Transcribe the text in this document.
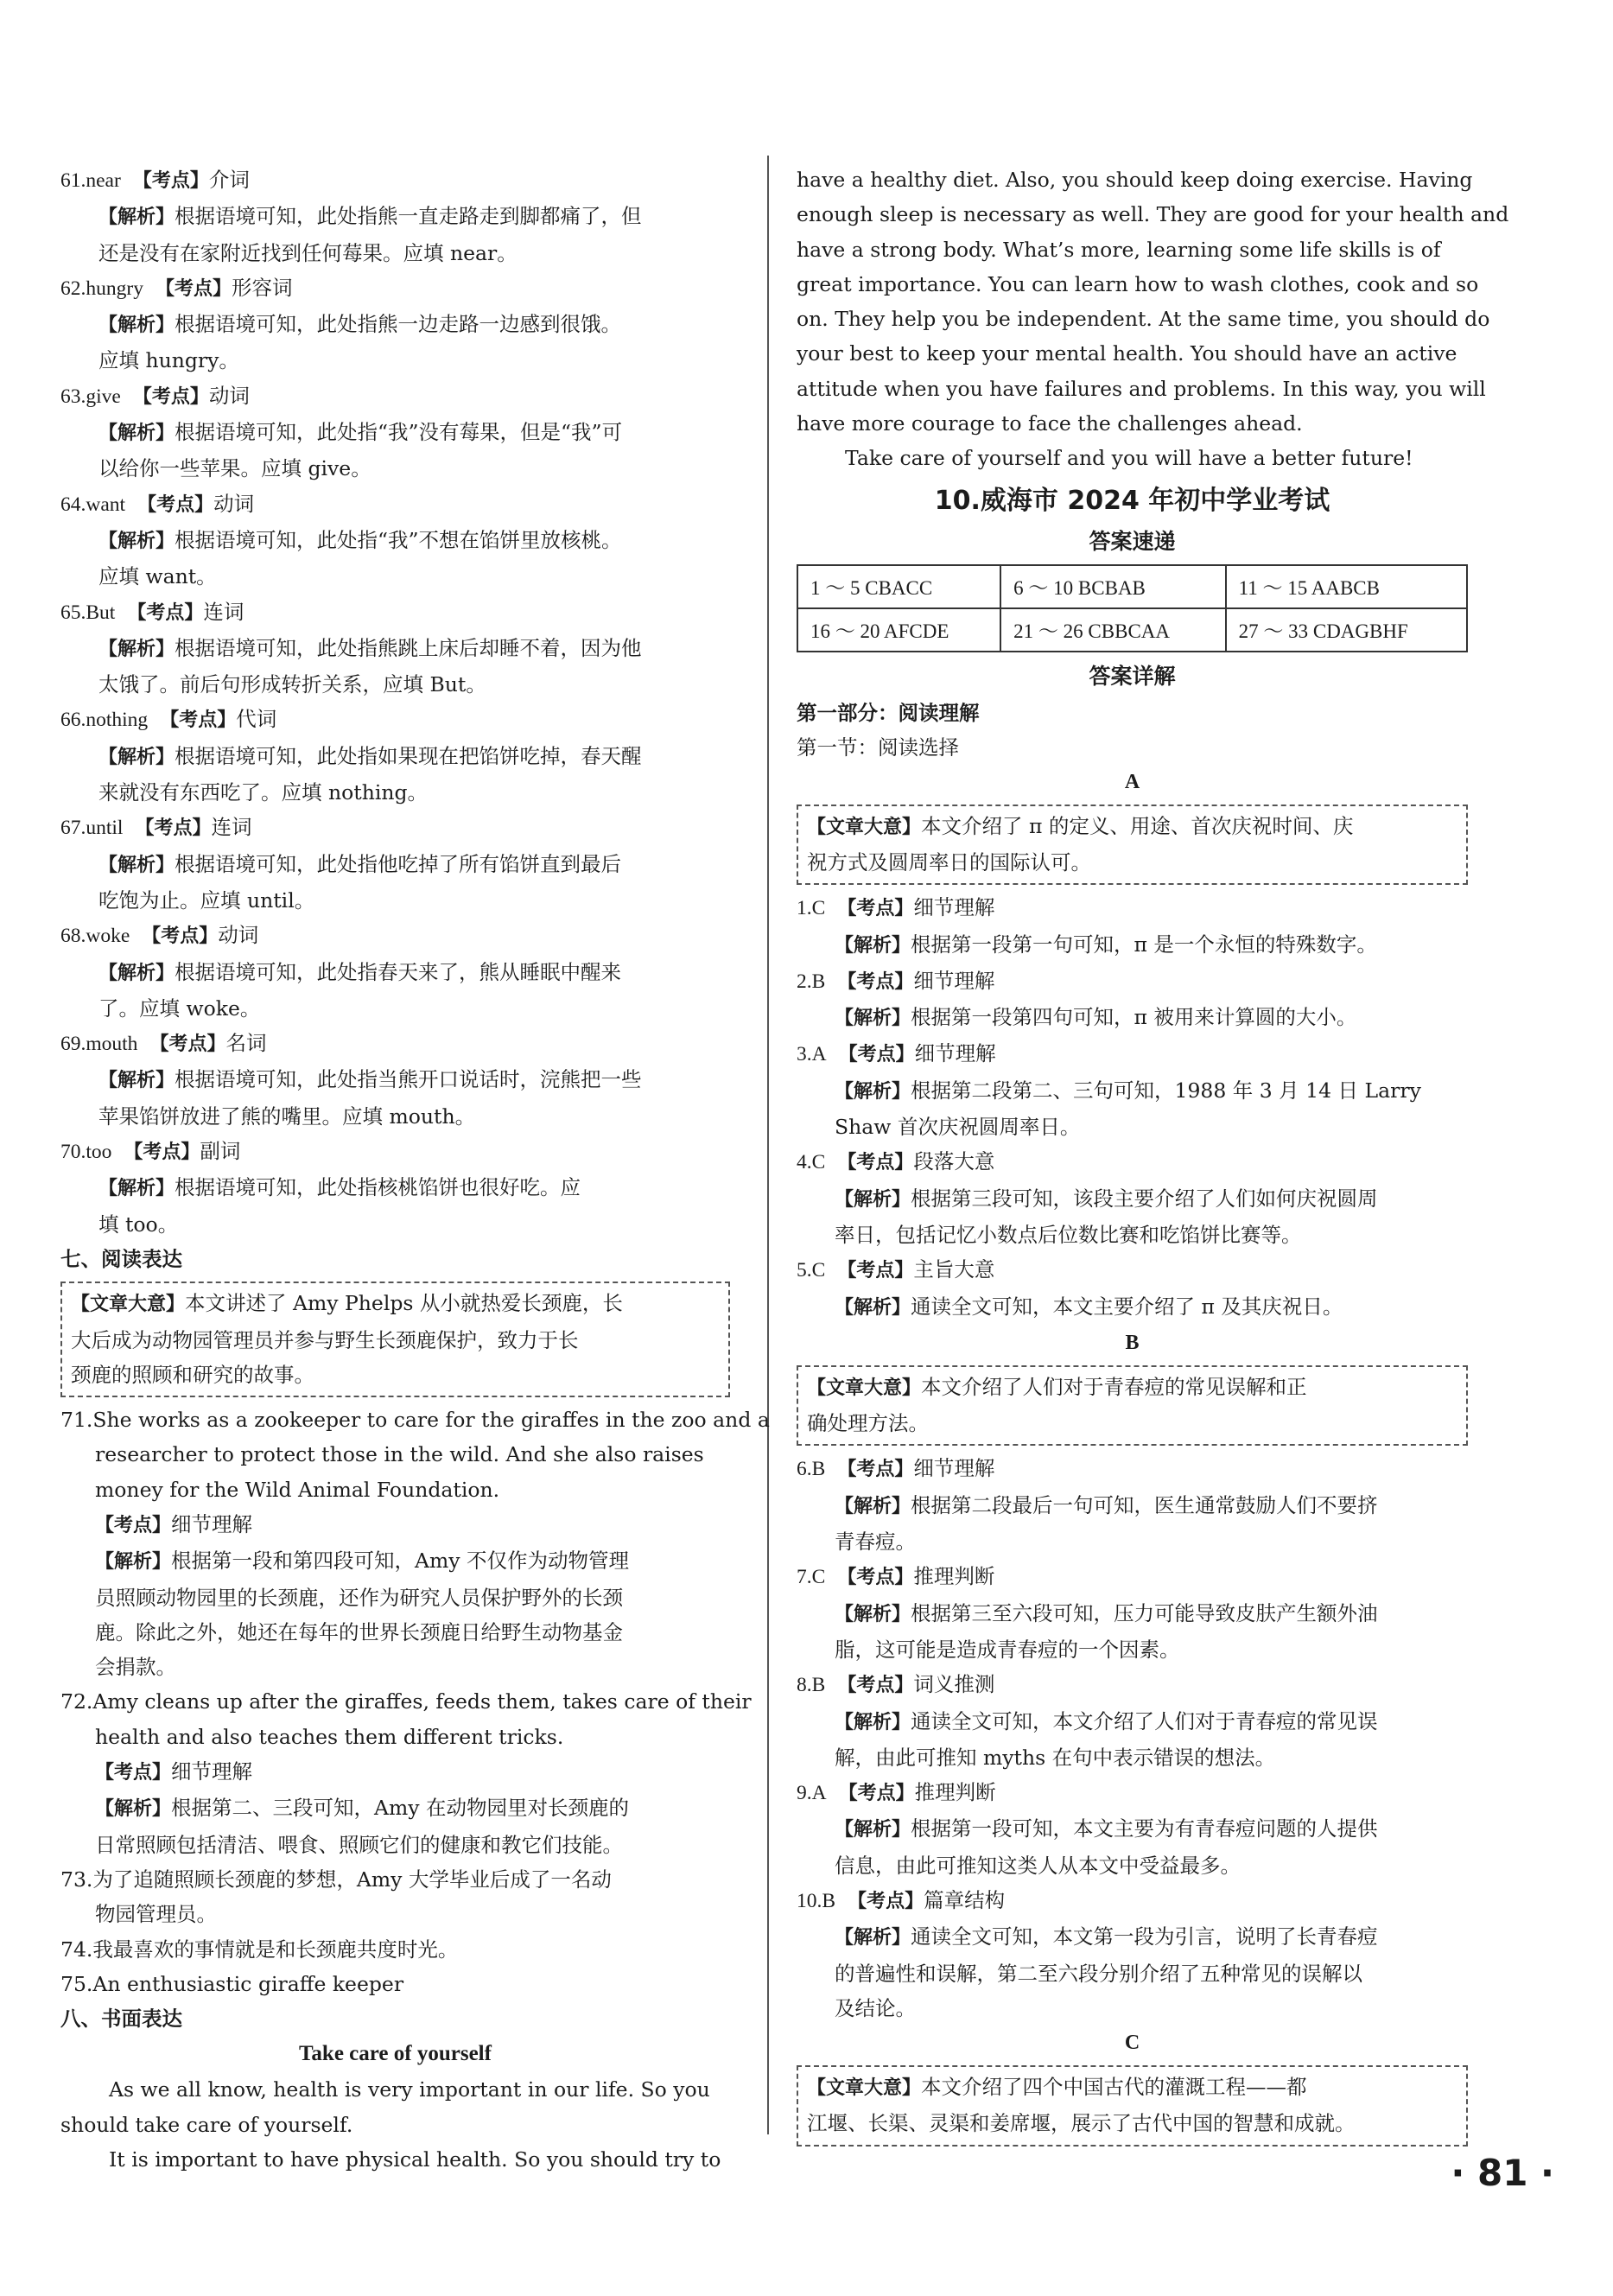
61.near 【考点】介词
【解析】根据语境可知，此处指熊一直走路走到脚都痛了，但
还是没有在家附近找到任何莓果。应填 near。
62.hungry 【考点】形容词
【解析】根据语境可知，此处指熊一边走路一边感到很饿。
应填 hungry。
63.give 【考点】动词
【解析】根据语境可知，此处指“我”没有莓果，但是“我”可
以给你一些苹果。应填 give。
64.want 【考点】动词
【解析】根据语境可知，此处指“我”不想在馅饼里放核桃。
应填 want。
65.But 【考点】连词
【解析】根据语境可知，此处指熊跳上床后却睡不着，因为他
太饿了。前后句形成转折关系，应填 But。
66.nothing 【考点】代词
【解析】根据语境可知，此处指如果现在把馅饼吃掉，春天醒
来就没有东西吃了。应填 nothing。
67.until 【考点】连词
【解析】根据语境可知，此处指他吃掉了所有馅饼直到最后
吃饱为止。应填 until。
68.woke 【考点】动词
【解析】根据语境可知，此处指春天来了，熊从睡眠中醒来
了。应填 woke。
69.mouth 【考点】名词
【解析】根据语境可知，此处指当熊开口说话时，浣熊把一些
苹果馅饼放进了熊的嘴里。应填 mouth。
70.too 【考点】副词
【解析】根据语境可知，此处指核桃馅饼也很好吃。应
填 too。
七、阅读表达
【文章大意】本文讲述了 Amy Phelps 从小就热爱长颈鹿，长
大后成为动物园管理员并参与野生长颈鹿保护，致力于长
颈鹿的照顾和研究的故事。
71.She works as a zookeeper to care for the giraffes in the zoo and a
researcher to protect those in the wild. And she also raises
money for the Wild Animal Foundation.
【考点】细节理解
【解析】根据第一段和第四段可知，Amy 不仅作为动物管理
员照顾动物园里的长颈鹿，还作为研究人员保护野外的长颈
鹿。除此之外，她还在每年的世界长颈鹿日给野生动物基金
会捐款。
72.Amy cleans up after the giraffes, feeds them, takes care of their
health and also teaches them different tricks.
【考点】细节理解
【解析】根据第二、三段可知，Amy 在动物园里对长颈鹿的
日常照顾包括清洁、喂食、照顾它们的健康和教它们技能。
73.为了追随照顾长颈鹿的梦想，Amy 大学毕业后成了一名动
物园管理员。
74.我最喜欢的事情就是和长颈鹿共度时光。
75.An enthusiastic giraffe keeper
八、书面表达
Take care of yourself
As we all know, health is very important in our life. So you
should take care of yourself.
It is important to have physical health. So you should try to
have a healthy diet. Also, you should keep doing exercise. Having
enough sleep is necessary as well. They are good for your health and
have a strong body. What’s more, learning some life skills is of
great importance. You can learn how to wash clothes, cook and so
on. They help you be independent. At the same time, you should do
your best to keep your mental health. You should have an active
attitude when you have failures and problems. In this way, you will
have more courage to face the challenges ahead.
Take care of yourself and you will have a better future!
10.威海市 2024 年初中学业考试
答案速递
1 ～ 5 CBACC	6 ～ 10 BCBAB	11 ～ 15 AABCB
16 ～ 20 AFCDE	21 ～ 26 CBBCAA	27 ～ 33 CDAGBHF
答案详解
第一部分：阅读理解
第一节：阅读选择
A
【文章大意】本文介绍了 π 的定义、用途、首次庆祝时间、庆
祝方式及圆周率日的国际认可。
1.C 【考点】细节理解
【解析】根据第一段第一句可知，π 是一个永恒的特殊数字。
2.B 【考点】细节理解
【解析】根据第一段第四句可知，π 被用来计算圆的大小。
3.A 【考点】细节理解
【解析】根据第二段第二、三句可知，1988 年 3 月 14 日 Larry
Shaw 首次庆祝圆周率日。
4.C 【考点】段落大意
【解析】根据第三段可知，该段主要介绍了人们如何庆祝圆周
率日，包括记忆小数点后位数比赛和吃馅饼比赛等。
5.C 【考点】主旨大意
【解析】通读全文可知，本文主要介绍了 π 及其庆祝日。
B
【文章大意】本文介绍了人们对于青春痘的常见误解和正
确处理方法。
6.B 【考点】细节理解
【解析】根据第二段最后一句可知，医生通常鼓励人们不要挤
青春痘。
7.C 【考点】推理判断
【解析】根据第三至六段可知，压力可能导致皮肤产生额外油
脂，这可能是造成青春痘的一个因素。
8.B 【考点】词义推测
【解析】通读全文可知，本文介绍了人们对于青春痘的常见误
解，由此可推知 myths 在句中表示错误的想法。
9.A 【考点】推理判断
【解析】根据第一段可知，本文主要为有青春痘问题的人提供
信息，由此可推知这类人从本文中受益最多。
10.B 【考点】篇章结构
【解析】通读全文可知，本文第一段为引言，说明了长青春痘
的普遍性和误解，第二至六段分别介绍了五种常见的误解以
及结论。
C
【文章大意】本文介绍了四个中国古代的灌溉工程——都
江堰、长渠、灵渠和姜席堰，展示了古代中国的智慧和成就。
· 81 ·
